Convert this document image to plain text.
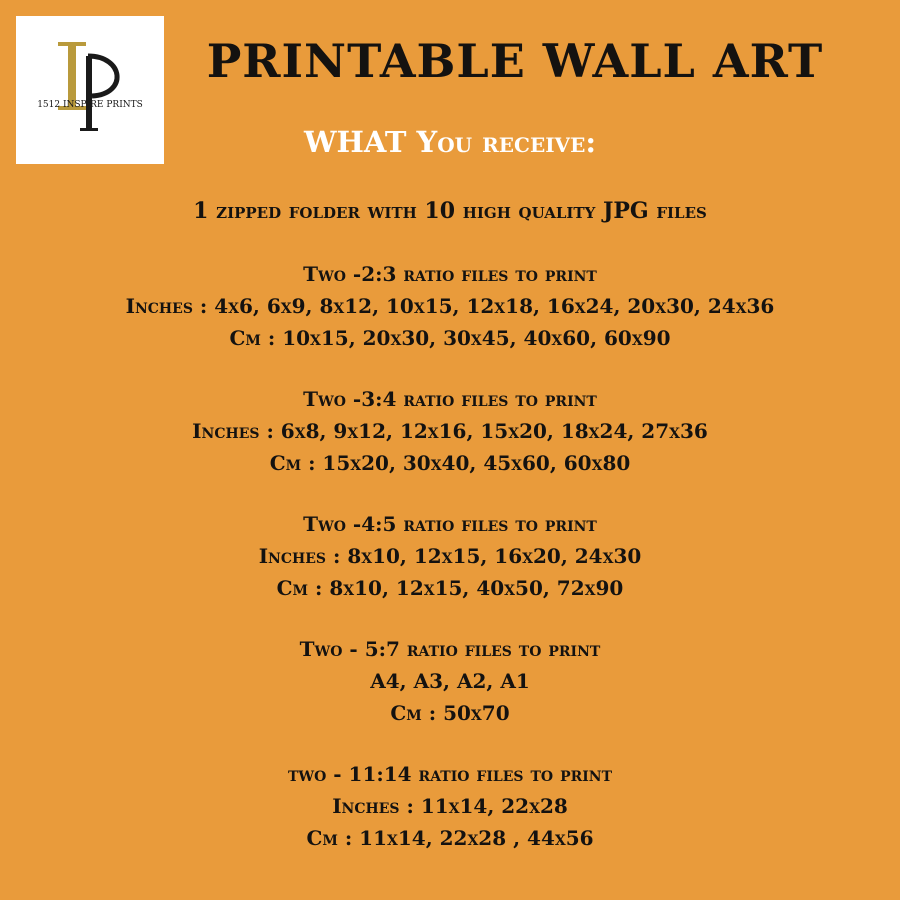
1512 INSPIRE PRINTS
PRINTABLE WALL ART
WHAT You receive:

1 zipped folder with 10 high quality JPG files

Two -2:3 ratio files to print
Inches : 4x6, 6x9, 8x12, 10x15, 12x18, 16x24, 20x30, 24x36
Cm : 10x15, 20x30, 30x45, 40x60, 60x90
Two -3:4 ratio files to print
Inches : 6x8, 9x12, 12x16, 15x20, 18x24, 27x36
Cm : 15x20, 30x40, 45x60, 60x80
Two -4:5 ratio files to print
Inches : 8x10, 12x15, 16x20, 24x30
Cm : 8x10, 12x15, 40x50, 72x90
Two - 5:7 ratio files to print
A4, A3, A2, A1
Cm : 50x70
two - 11:14 ratio files to print
Inches : 11x14, 22x28
Cm : 11x14, 22x28 , 44x56
